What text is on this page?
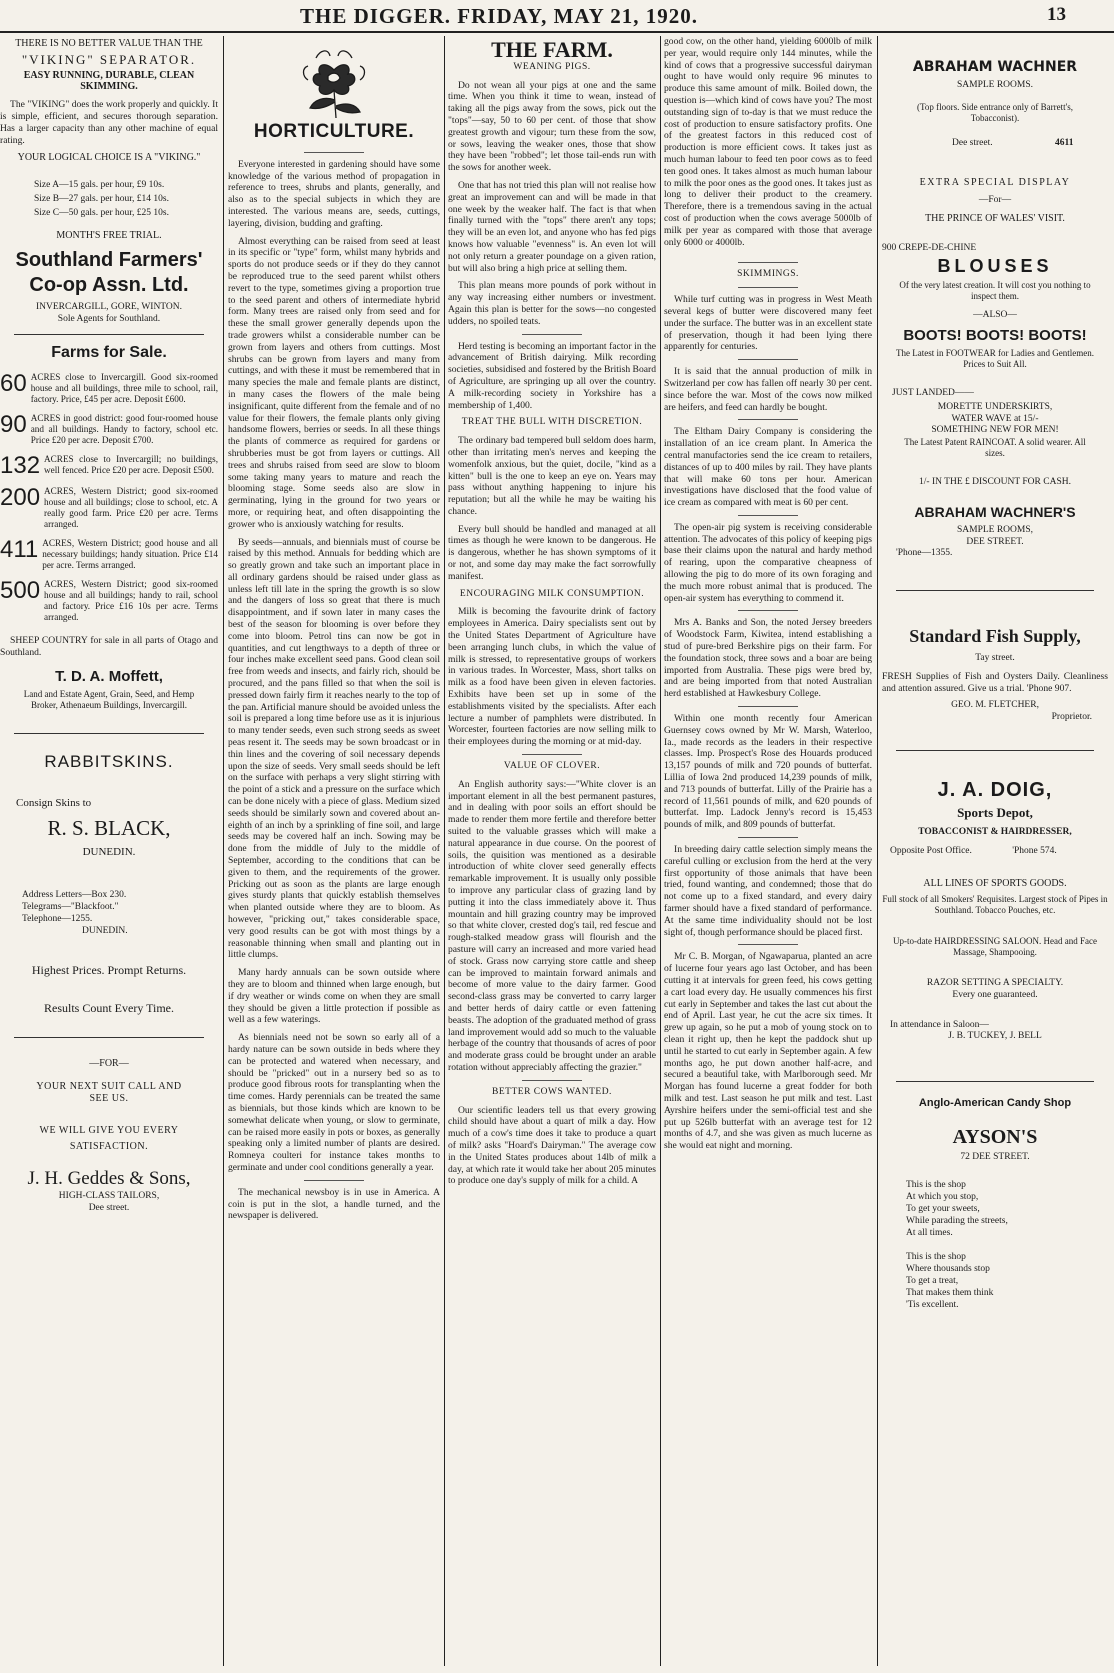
THE DIGGER. FRIDAY, MAY 21, 1920.	13
THERE IS NO BETTER VALUE THAN THE
"VIKING" SEPARATOR.
EASY RUNNING, DURABLE, CLEAN SKIMMING.

The "VIKING" does the work properly and quickly. It is simple, efficient, and secures thorough separation. Has a larger capacity than any other machine of equal rating.

YOUR LOGICAL CHOICE IS A "VIKING."
Size A—15 gals. per hour, £9 10s.
Size B—27 gals. per hour, £14 10s.
Size C—50 gals. per hour, £25 10s.
MONTH'S FREE TRIAL.
Southland Farmers' Co-op Assn. Ltd.
INVERCARGILL, GORE, WINTON.
Sole Agents for Southland.
Farms for Sale.
60 ACRES close to Invercargill. Good six-roomed house and all buildings, three mile to school, rail, factory. Price, £45 per acre. Deposit £600.
90 ACRES in good district: good four-roomed house and all buildings. Handy to factory, school etc. Price £20 per acre. Deposit £700.
132 ACRES close to Invercargill; no buildings, well fenced. Price £20 per acre. Deposit £500.
200 ACRES, Western District; good six-roomed house and all buildings; close to school, etc. A really good farm. Price £20 per acre. Terms arranged.
411 ACRES, Western District; good house and all necessary buildings; handy situation. Price £14 per acre. Terms arranged.
500 ACRES, Western District; good six-roomed house and all buildings; handy to rail, school and factory. Price £16 10s per acre. Terms arranged.

SHEEP COUNTRY for sale in all parts of Otago and Southland.

T. D. A. Moffett,
Land and Estate Agent, Grain, Seed, and Hemp Broker, Athenaeum Buildings, Invercargill.
RABBITSKINS.
Consign Skins to
R. S. BLACK,
DUNEDIN.
Address Letters—Box 230.
Telegrams—"Blackfoot."
Telephone—1255.
DUNEDIN.
Highest Prices. Prompt Returns.
Results Count Every Time.
—FOR—
YOUR NEXT SUIT CALL AND SEE US.
WE WILL GIVE YOU EVERY SATISFACTION.
J. H. Geddes & Sons,
HIGH-CLASS TAILORS,
Dee street.
HORTICULTURE.

Everyone interested in gardening should have some knowledge of the various method of propagation in reference to trees, shrubs and plants, generally, and also as to the special subjects in which they are interested. The various means are, seeds, cuttings, layering, division, budding and grafting.

Almost everything can be raised from seed at least in its specific or "type" form, whilst many hybrids and sports do not produce seeds or if they do they cannot be reproduced true to the seed parent whilst others revert to the type, sometimes giving a proportion true to the seed parent and others of intermediate hybrid form. Many trees are raised only from seed and for these the small grower generally depends upon the trade growers whilst a considerable number can be grown from layers and others from cuttings. Most shrubs can be grown from layers and many from cuttings, and with these it must be remembered that in many species the male and female plants are distinct, in many cases the flowers of the male being insignificant, quite different from the female and of no value for their flowers, the female plants only giving handsome flowers, berries or seeds. In all these things the plants of commerce as required for gardens or shrubberies must be got from layers or cuttings. All trees and shrubs raised from seed are slow to bloom some taking many years to mature and reach the blooming stage. Some seeds also are slow in germinating, lying in the ground for two years or more, or requiring heat, and often disappointing the grower who is anxiously watching for results.

By seeds—annuals, and biennials must of course be raised by this method. Annuals for bedding which are so greatly grown and take such an important place in all ordinary gardens should be raised under glass as unless left till late in the spring the growth is so slow and the dangers of loss so great that there is much disappointment, and if sown later in many cases the best of the season for blooming is over before they come into bloom. Petrol tins can now be got in quantities, and cut lengthways to a depth of three or four inches make excellent seed pans. Good clean soil free from weeds and insects, and fairly rich, should be procured, and the pans filled so that when the soil is pressed down fairly firm it reaches nearly to the top of the pan. Artificial manure should be avoided unless the soil is prepared a long time before use as it is injurious to many tender seeds, even such strong seeds as sweet peas resent it. The seeds may be sown broadcast or in thin lines and the covering of soil necessary depends upon the size of seeds. Very small seeds should be left on the surface with perhaps a very slight stirring with the point of a stick and a pressure on the surface which can be done nicely with a piece of glass. Medium sized seeds should be similarly sown and covered about an-eighth of an inch by a sprinkling of fine soil, and large seeds may be covered half an inch. Sowing may be done from the middle of July to the middle of September, according to the conditions that can be given to them, and the requirements of the grower. Pricking out as soon as the plants are large enough gives sturdy plants that quickly establish themselves when planted outside where they are to bloom. As however, "pricking out," takes considerable space, very good results can be got with most things by a reasonable thinning when small and planting out in little clumps.

Many hardy annuals can be sown outside where they are to bloom and thinned when large enough, but if dry weather or winds come on when they are small they should be given a little protection if possible as well as a few waterings.

As biennials need not be sown so early all of a hardy nature can be sown outside in beds where they can be protected and watered when necessary, and should be "pricked" out in a nursery bed so as to produce good fibrous roots for transplanting when the time comes. Hardy perennials can be treated the same as biennials, but those kinds which are known to be somewhat delicate when young, or slow to germinate, can be raised more easily in pots or boxes, as generally speaking only a limited number of plants are desired. Romneya coulteri for instance takes months to germinate and under cool conditions generally a year.

The mechanical newsboy is in use in America. A coin is put in the slot, a handle turned, and the newspaper is delivered.

THE FARM.
WEANING PIGS.

Do not wean all your pigs at one and the same time. When you think it time to wean, instead of taking all the pigs away from the sows, pick out the "tops"—say, 50 to 60 per cent. of those that show greatest growth and vigour; turn these from the sow, or sows, leaving the weaker ones, those that show they have been "robbed"; let those tail-ends run with the sows for another week.

One that has not tried this plan will not realise how great an improvement can and will be made in that one week by the weaker half. The fact is that when finally turned with the "tops" there aren't any tops; they will be an even lot, and anyone who has fed pigs knows how valuable "evenness" is. An even lot will not only return a greater poundage on a given ration, but will also bring a high price at selling them.

This plan means more pounds of pork without in any way increasing either numbers or investment. Again this plan is better for the sows—no congested udders, no spoiled teats.

Herd testing is becoming an important factor in the advancement of British dairying. Milk recording societies, subsidised and fostered by the British Board of Agriculture, are springing up all over the country. A milk-recording society in Yorkshire has a membership of 1,400.

TREAT THE BULL WITH DISCRETION.

The ordinary bad tempered bull seldom does harm, other than irritating men's nerves and keeping the womenfolk anxious, but the quiet, docile, "kind as a kitten" bull is the one to keep an eye on. Years may pass without anything happening to injure his reputation; but all the while he may be waiting his chance.

Every bull should be handled and managed at all times as though he were known to be dangerous. He is dangerous, whether he has shown symptoms of it or not, and some day may make the fact sorrowfully manifest.

ENCOURAGING MILK CONSUMPTION.

Milk is becoming the favourite drink of factory employees in America. Dairy specialists sent out by the United States Department of Agriculture have been arranging lunch clubs, in which the value of milk is stressed, to representative groups of workers in various trades. In Worcester, Mass, short talks on milk as a food have been given in eleven factories. Exhibits have been set up in some of the establishments visited by the specialists. After each lecture a number of pamphlets were distributed. In Worcester, fourteen factories are now selling milk to their employees during the morning or at mid-day.

VALUE OF CLOVER.

An English authority says:—"White clover is an important element in all the best permanent pastures, and in dealing with poor soils an effort should be made to render them more fertile and therefore better suited to the valuable grasses which will make a natural appearance in due course. On the poorest of soils, the quisition was mentioned as a desirable introduction of white clover seed generally effects remarkable improvement. It is usually only possible to improve any particular class of grazing land by putting it into the class immediately above it. Thus mountain and hill grazing country may be improved so that white clover, crested dog's tail, red fescue and rough-stalked meadow grass will flourish and the pasture will carry an increased and more varied head of stock. Grass now carrying store cattle and sheep can be improved to maintain forward animals and become of more value to the dairy farmer. Good second-class grass may be converted to carry larger and better herds of dairy cattle or even fattening beasts. The adoption of the graduated method of grass land improvement would add so much to the valuable herbage of the country that thousands of acres of poor and moderate grass could be brought under an arable rotation without appreciably affecting the grazier."

BETTER COWS WANTED.

Our scientific leaders tell us that every growing child should have about a quart of milk a day. How much of a cow's time does it take to produce a quart of milk? asks "Hoard's Dairyman." The average cow in the United States produces about 14lb of milk a day, at which rate it would take her about 205 minutes to produce one day's supply of milk for a child. A

good cow, on the other hand, yielding 6000lb of milk per year, would require only 144 minutes, while the kind of cows that a progressive successful dairyman ought to have would only require 96 minutes to produce this same amount of milk. Boiled down, the question is—which kind of cows have you? The most outstanding sign of to-day is that we must reduce the cost of production to ensure satisfactory profits. One of the greatest factors in this reduced cost of production is more efficient cows. It takes just as much human labour to feed ten poor cows as to feed ten good ones. It takes almost as much human labour to milk the poor ones as the good ones. It takes just as long to deliver their product to the creamery. Therefore, there is a tremendous saving in the actual cost of production when the cows average 5000lb of milk per year as compared with those that average only 6000 or 4000lb.

SKIMMINGS.

While turf cutting was in progress in West Meath several kegs of butter were discovered many feet under the surface. The butter was in an excellent state of preservation, though it had been lying there apparently for centuries.

It is said that the annual production of milk in Switzerland per cow has fallen off nearly 30 per cent. since before the war. Most of the cows now milked are heifers, and feed can hardly be bought.

The Eltham Dairy Company is considering the installation of an ice cream plant. In America the central manufactories send the ice cream to retailers, distances of up to 400 miles by rail. They have plants that will make 60 tons per hour. American investigations have disclosed that the food value of ice cream as compared with meat is 60 per cent.

The open-air pig system is receiving considerable attention. The advocates of this policy of keeping pigs base their claims upon the natural and hardy method of rearing, upon the comparative cheapness of allowing the pig to do more of its own foraging and the much more robust animal that is produced. The open-air system has everything to commend it.

Mrs A. Banks and Son, the noted Jersey breeders of Woodstock Farm, Kiwitea, intend establishing a stud of pure-bred Berkshire pigs on their farm. For the foundation stock, three sows and a boar are being imported from Australia. These pigs were bred by, and are being imported from that noted Australian herd established at Hawkesbury College.

Within one month recently four American Guernsey cows owned by Mr W. Marsh, Waterloo, Ia., made records as the leaders in their respective classes. Imp. Prospect's Rose des Houards produced 13,157 pounds of milk and 720 pounds of butterfat. Lillia of Iowa 2nd produced 14,239 pounds of milk, and 713 pounds of butterfat. Lilly of the Prairie has a record of 11,561 pounds of milk, and 620 pounds of butterfat. Imp. Ladock Jenny's record is 15,453 pounds of milk, and 809 pounds of butterfat.

In breeding dairy cattle selection simply means the careful culling or exclusion from the herd at the very first opportunity of those animals that have been tried, found wanting, and condemned; those that do not come up to a fixed standard, and every dairy farmer should have a fixed standard of performance. At the same time individuality should not be lost sight of, though performance should be placed first.

Mr C. B. Morgan, of Ngawaparua, planted an acre of lucerne four years ago last October, and has been cutting it at intervals for green feed, his cows getting a cart load every day. He usually commences his first cut early in September and takes the last cut about the end of April. Last year, he cut the acre six times. It grew up again, so he put a mob of young stock on to clean it right up, then he kept the paddock shut up until he started to cut early in September again. A few months ago, he put down another half-acre, and secured a beautiful take, with Marlborough seed. Mr Morgan has found lucerne a great fodder for both milk and test. Last season he put milk and test. Last Ayrshire heifers under the semi-official test and she put up 526lb butterfat with an average test for 12 months of 4.7, and she was given as much lucerne as she would eat night and morning.

ABRAHAM WACHNER
SAMPLE ROOMS.
(Top floors. Side entrance only of Barrett's, Tobacconist).
Dee street.	4611
EXTRA SPECIAL DISPLAY
—For—
THE PRINCE OF WALES' VISIT.
900 CREPE-DE-CHINE
BLOUSES
Of the very latest creation. It will cost you nothing to inspect them.
—ALSO—
BOOTS! BOOTS! BOOTS!
The Latest in FOOTWEAR for Ladies and Gentlemen. Prices to Suit All.
JUST LANDED——
MORETTE UNDERSKIRTS,
WATER WAVE at 15/-
SOMETHING NEW FOR MEN!
The Latest Patent RAINCOAT. A solid wearer. All sizes.
1/- IN THE £ DISCOUNT FOR CASH.
ABRAHAM WACHNER'S
SAMPLE ROOMS,
DEE STREET.
'Phone—1355.
Standard Fish Supply,
Tay street.

FRESH Supplies of Fish and Oysters Daily. Cleanliness and attention assured. Give us a trial. 'Phone 907.

GEO. M. FLETCHER,
Proprietor.
J. A. DOIG,
Sports Depot,
TOBACCONIST & HAIRDRESSER,
Opposite Post Office.	'Phone 574.
ALL LINES OF SPORTS GOODS.
Full stock of all Smokers' Requisites. Largest stock of Pipes in Southland. Tobacco Pouches, etc.
Up-to-date HAIRDRESSING SALOON. Head and Face Massage, Shampooing.
RAZOR SETTING A SPECIALTY.
Every one guaranteed.
In attendance in Saloon—
J. B. TUCKEY, J. BELL
Anglo-American Candy Shop
AYSON'S
72 DEE STREET.
This is the shop
At which you stop,
To get your sweets,
While parading the streets,
At all times.
This is the shop
Where thousands stop
To get a treat,
That makes them think
'Tis excellent.
